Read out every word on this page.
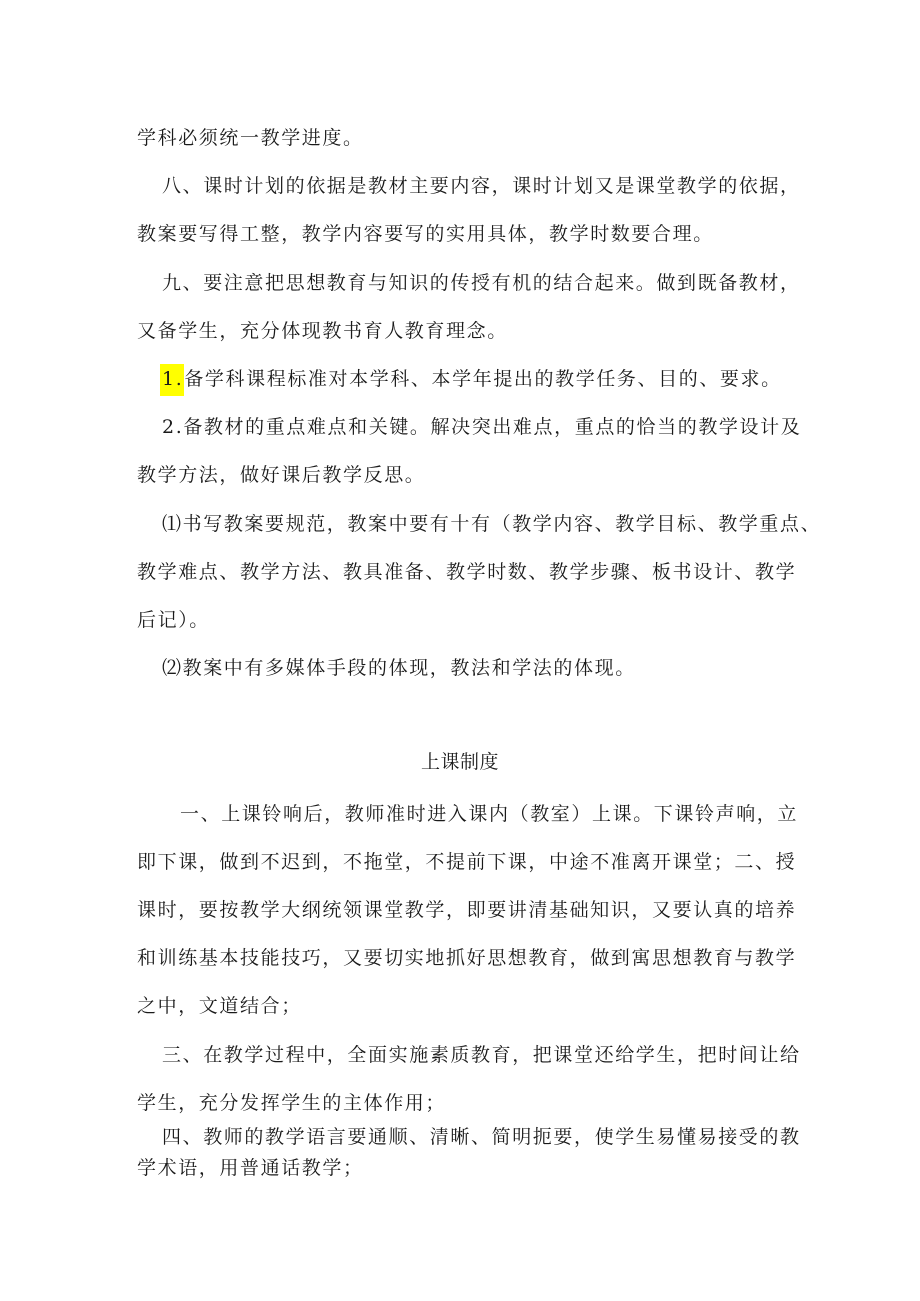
学科必须统一教学进度。
八、课时计划的依据是教材主要内容，课时计划又是课堂教学的依据，
教案要写得工整，教学内容要写的实用具体，教学时数要合理。
九、要注意把思想教育与知识的传授有机的结合起来。做到既备教材，
又备学生，充分体现教书育人教育理念。
1.备学科课程标准对本学科、本学年提出的教学任务、目的、要求。
2.备教材的重点难点和关键。解决突出难点，重点的恰当的教学设计及
教学方法，做好课后教学反思。
⑴书写教案要规范，教案中要有十有（教学内容、教学目标、教学重点、
教学难点、教学方法、教具准备、教学时数、教学步骤、板书设计、教学
后记）。
⑵教案中有多媒体手段的体现，教法和学法的体现。
上课制度
一、上课铃响后，教师准时进入课内（教室）上课。下课铃声响，立
即下课，做到不迟到，不拖堂，不提前下课，中途不准离开课堂；二、授
课时，要按教学大纲统领课堂教学，即要讲清基础知识，又要认真的培养
和训练基本技能技巧，又要切实地抓好思想教育，做到寓思想教育与教学
之中，文道结合；
三、在教学过程中，全面实施素质教育，把课堂还给学生，把时间让给
学生，充分发挥学生的主体作用；
四、教师的教学语言要通顺、清晰、简明扼要，使学生易懂易接受的教
学术语，用普通话教学；
